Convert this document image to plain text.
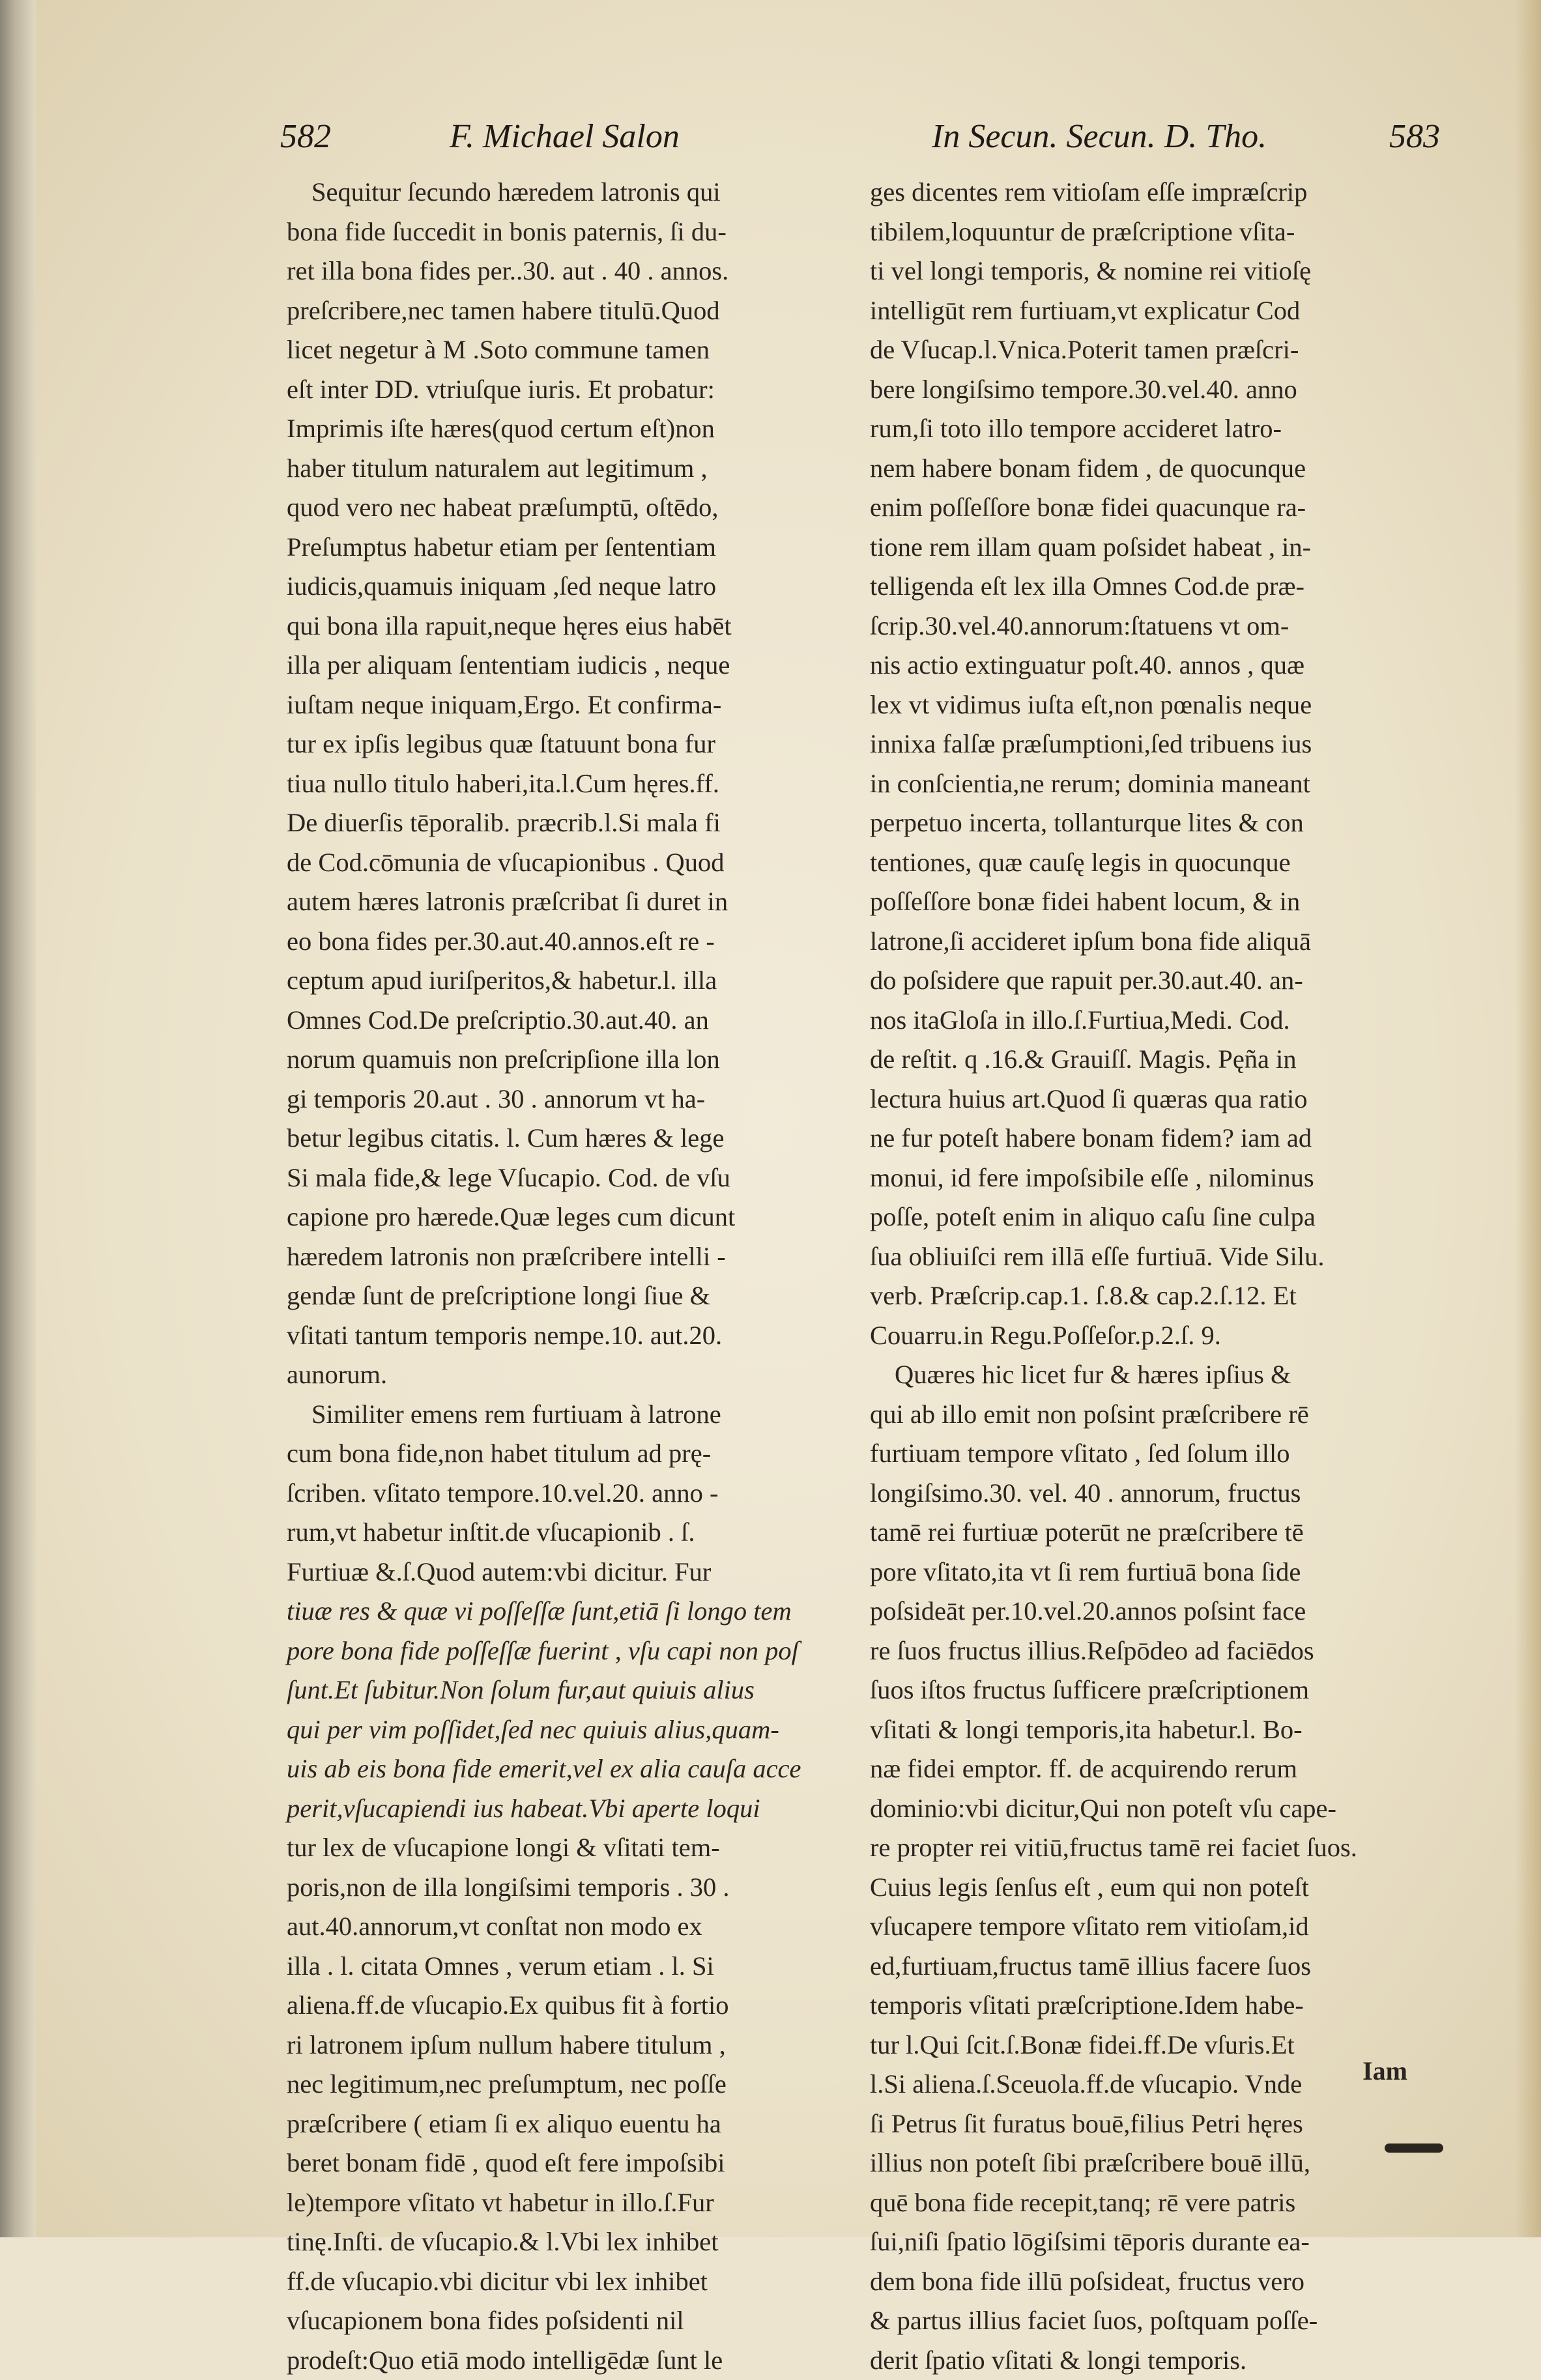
582	F. Michael Salon	In Secun. Secun. D. Tho.	583
Sequitur ſecundo hæredem latronis qui
bona fide ſuccedit in bonis paternis, ſi du-
ret illa bona fides per..30. aut . 40 . annos.
preſcribere,nec tamen habere titulū.Quod
licet negetur à M .Soto commune tamen
eſt inter DD. vtriuſque iuris. Et probatur:
Imprimis iſte hæres(quod certum eſt)non
haber titulum naturalem aut legitimum ,
quod vero nec habeat præſumptū, oſtēdo,
Preſumptus habetur etiam per ſententiam
iudicis,quamuis iniquam ,ſed neque latro
qui bona illa rapuit,neque hęres eius habēt
illa per aliquam ſententiam iudicis , neque
iuſtam neque iniquam,Ergo. Et confirma-
tur ex ipſis legibus quæ ſtatuunt bona fur
tiua nullo titulo haberi,ita.l.Cum hęres.ff.
De diuerſis tēporalib. præcrib.l.Si mala fi
de Cod.cōmunia de vſucapionibus . Quod
autem hæres latronis præſcribat ſi duret in
eo bona fides per.30.aut.40.annos.eſt re -
ceptum apud iuriſperitos,& habetur.l. illa
Omnes Cod.De preſcriptio.30.aut.40. an
norum quamuis non preſcripſione illa lon
gi temporis 20.aut . 30 . annorum vt ha-
betur legibus citatis. l. Cum hæres & lege
Si mala fide,& lege Vſucapio. Cod. de vſu
capione pro hærede.Quæ leges cum dicunt
hæredem latronis non præſcribere intelli -
gendæ ſunt de preſcriptione longi ſiue &
vſitati tantum temporis nempe.10. aut.20.
aunorum.
Similiter emens rem furtiuam à latrone
cum bona fide,non habet titulum ad prę-
ſcriben. vſitato tempore.10.vel.20. anno -
rum,vt habetur inſtit.de vſucapionib . ſ.
Furtiuæ &.ſ.Quod autem:vbi dicitur. Fur
tiuæ res & quæ vi poſſeſſæ ſunt,etiā ſi longo tem
pore bona fide poſſeſſæ fuerint , vſu capi non poſ
ſunt.Et ſubitur.Non ſolum fur,aut quiuis alius
qui per vim poſſidet,ſed nec quiuis alius,quam-
uis ab eis bona fide emerit,vel ex alia cauſa acce
perit,vſucapiendi ius habeat.Vbi aperte loqui
tur lex de vſucapione longi & vſitati tem-
poris,non de illa longiſsimi temporis . 30 .
aut.40.annorum,vt conſtat non modo ex
illa . l. citata Omnes , verum etiam . l. Si
aliena.ff.de vſucapio.Ex quibus fit à fortio
ri latronem ipſum nullum habere titulum ,
nec legitimum,nec preſumptum, nec poſſe
præſcribere ( etiam ſi ex aliquo euentu ha
beret bonam fidē , quod eſt fere impoſsibi
le)tempore vſitato vt habetur in illo.ſ.Fur
tinę.Inſti. de vſucapio.& l.Vbi lex inhibet
ff.de vſucapio.vbi dicitur vbi lex inhibet
vſucapionem bona fides poſsidenti nil
prodeſt:Quo etiā modo intelligēdæ ſunt le
ges dicentes rem vitioſam eſſe impræſcrip
tibilem,loquuntur de præſcriptione vſita-
ti vel longi temporis, & nomine rei vitioſę
intelligūt rem furtiuam,vt explicatur Cod
de Vſucap.l.Vnica.Poterit tamen præſcri-
bere longiſsimo tempore.30.vel.40. anno
rum,ſi toto illo tempore accideret latro-
nem habere bonam fidem , de quocunque
enim poſſeſſore bonæ fidei quacunque ra-
tione rem illam quam poſsidet habeat , in-
telligenda eſt lex illa Omnes Cod.de præ-
ſcrip.30.vel.40.annorum:ſtatuens vt om-
nis actio extinguatur poſt.40. annos , quæ
lex vt vidimus iuſta eſt,non pœnalis neque
innixa falſæ præſumptioni,ſed tribuens ius
in conſcientia,ne rerum; dominia maneant
perpetuo incerta, tollanturque lites & con
tentiones, quæ cauſę legis in quocunque
poſſeſſore bonæ fidei habent locum, & in
latrone,ſi accideret ipſum bona fide aliquā
do poſsidere que rapuit per.30.aut.40. an-
nos itaGloſa in illo.ſ.Furtiua,Medi. Cod.
de reſtit. q .16.& Grauiſſ. Magis. Pęña in
lectura huius art.Quod ſi quæras qua ratio
ne fur poteſt habere bonam fidem? iam ad
monui, id fere impoſsibile eſſe , nilominus
poſſe, poteſt enim in aliquo caſu ſine culpa
ſua obliuiſci rem illā eſſe furtiuā. Vide Silu.
verb. Præſcrip.cap.1. ſ.8.& cap.2.ſ.12. Et
Couarru.in Regu.Poſſeſor.p.2.ſ. 9.
Quæres hic licet fur & hæres ipſius &
qui ab illo emit non poſsint præſcribere rē
furtiuam tempore vſitato , ſed ſolum illo
longiſsimo.30. vel. 40 . annorum, fructus
tamē rei furtiuæ poterūt ne præſcribere tē
pore vſitato,ita vt ſi rem furtiuā bona ſide
poſsideāt per.10.vel.20.annos poſsint face
re ſuos fructus illius.Reſpōdeo ad faciēdos
ſuos iſtos fructus ſufficere præſcriptionem
vſitati & longi temporis,ita habetur.l. Bo-
næ fidei emptor. ff. de acquirendo rerum
dominio:vbi dicitur,Qui non poteſt vſu cape-
re propter rei vitiū,fructus tamē rei faciet ſuos.
Cuius legis ſenſus eſt , eum qui non poteſt
vſucapere tempore vſitato rem vitioſam,id
ed,furtiuam,fructus tamē illius facere ſuos
temporis vſitati præſcriptione.Idem habe-
tur l.Qui ſcit.ſ.Bonæ fidei.ff.De vſuris.Et
l.Si aliena.ſ.Sceuola.ff.de vſucapio. Vnde
ſi Petrus ſit furatus bouē,filius Petri hęres
illius non poteſt ſibi præſcribere bouē illū,
quē bona fide recepit,tanq; rē vere patris
ſui,niſi ſpatio lōgiſsimi tēporis durante ea-
dem bona fide illū poſsideat, fructus vero
& partus illius faciet ſuos, poſtquam poſſe-
derit ſpatio vſitati & longi temporis.
Iam
